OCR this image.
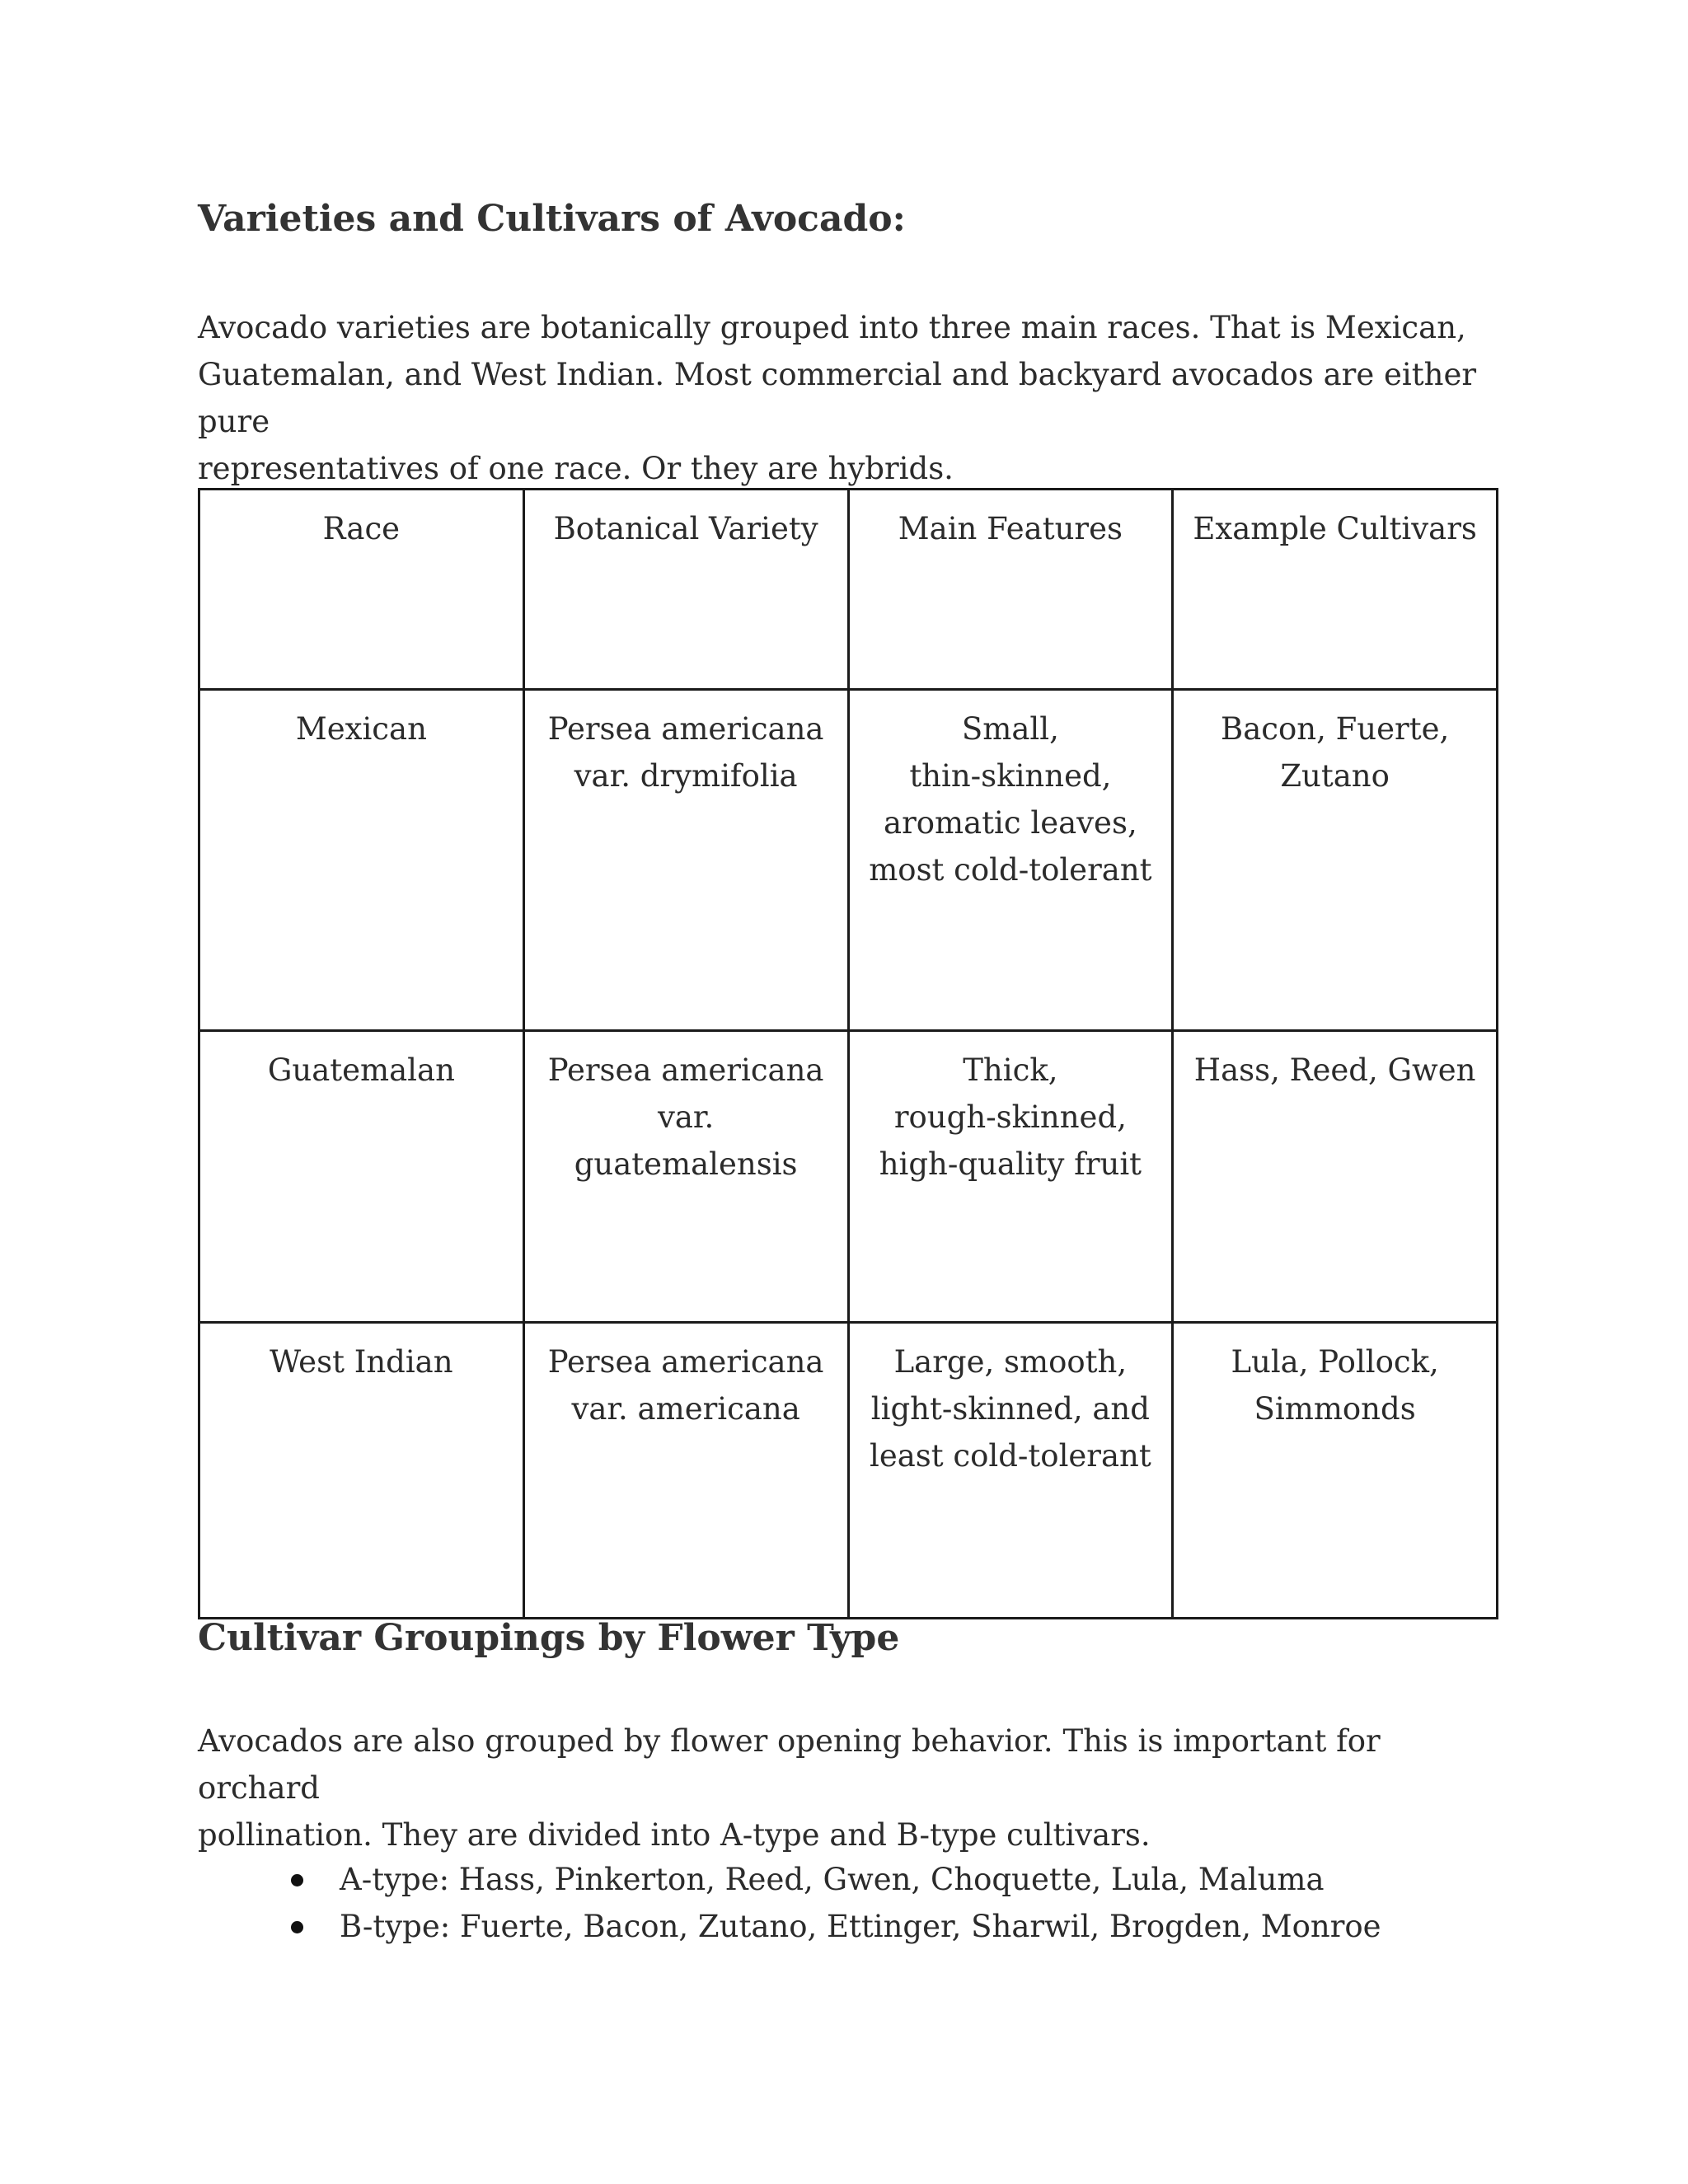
Varieties and Cultivars of Avocado:

Avocado varieties are botanically grouped into three main races. That is Mexican,
Guatemalan, and West Indian. Most commercial and backyard avocados are either pure
representatives of one race. Or they are hybrids.

Race	Botanical Variety	Main Features	Example Cultivars

Mexican	Persea americana
var. drymifolia	Small,
thin-skinned,
aromatic leaves,
most cold-tolerant	Bacon, Fuerte,
Zutano

Guatemalan	Persea americana
var. guatemalensis	Thick,
rough-skinned,
high-quality fruit	Hass, Reed, Gwen

West Indian	Persea americana
var. americana	Large, smooth,
light-skinned, and
least cold-tolerant	Lula, Pollock,
Simmonds
Cultivar Groupings by Flower Type

Avocados are also grouped by flower opening behavior. This is important for orchard
pollination. They are divided into A-type and B-type cultivars.

A-type: Hass, Pinkerton, Reed, Gwen, Choquette, Lula, Maluma
B-type: Fuerte, Bacon, Zutano, Ettinger, Sharwil, Brogden, Monroe
